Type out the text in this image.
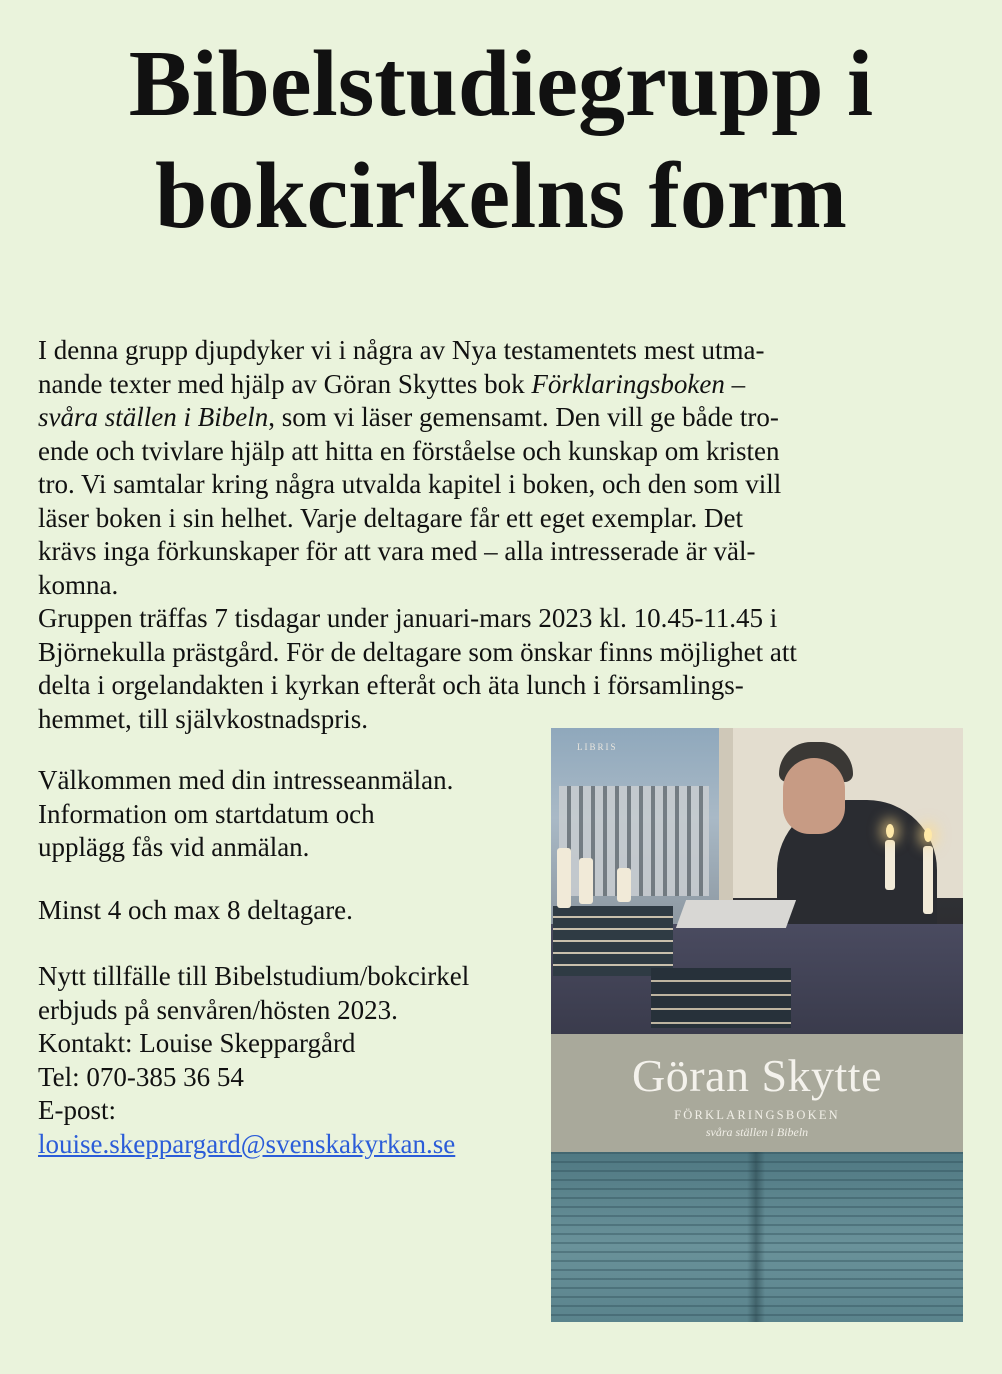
Bibelstudiegrupp i
bokcirkelns form

I denna grupp djupdyker vi i några av Nya testamentets mest utma-
nande texter med hjälp av Göran Skyttes bok Förklaringsboken –
svåra ställen i Bibeln, som vi läser gemensamt. Den vill ge både tro-
ende och tvivlare hjälp att hitta en förståelse och kunskap om kristen
tro. Vi samtalar kring några utvalda kapitel i boken, och den som vill
läser boken i sin helhet. Varje deltagare får ett eget exemplar. Det
krävs inga förkunskaper för att vara med – alla intresserade är väl-
komna.

Gruppen träffas 7 tisdagar under januari-mars 2023 kl. 10.45-11.45 i
Björnekulla prästgård. För de deltagare som önskar finns möjlighet att
delta i orgelandakten i kyrkan efteråt och äta lunch i församlings-
hemmet, till självkostnadspris.

Välkommen med din intresseanmälan.
Information om startdatum och
upplägg fås vid anmälan.
Minst 4 och max 8 deltagare.
Nytt tillfälle till Bibelstudium/bokcirkel
erbjuds på senvåren/hösten 2023.
Kontakt: Louise Skeppargård
Tel: 070-385 36 54
E-post:
louise.skeppargard@svenskakyrkan.se
LIBRIS
Göran Skytte
FÖRKLARINGSBOKEN
svåra ställen i Bibeln
